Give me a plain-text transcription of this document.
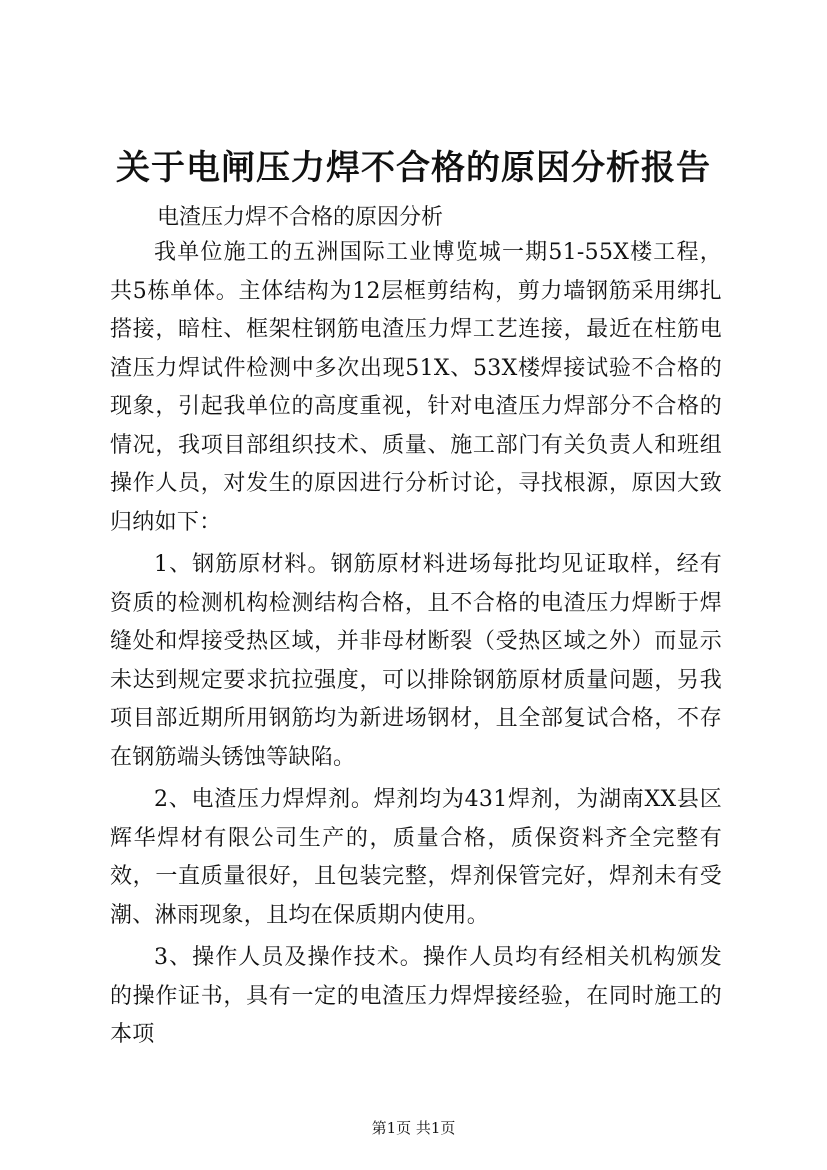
关于电闸压力焊不合格的原因分析报告

电渣压力焊不合格的原因分析

我单位施工的五洲国际工业博览城一期51-55X楼工程，共5栋单体。主体结构为12层框剪结构，剪力墙钢筋采用绑扎搭接，暗柱、框架柱钢筋电渣压力焊工艺连接，最近在柱筋电渣压力焊试件检测中多次出现51X、53X楼焊接试验不合格的现象，引起我单位的高度重视，针对电渣压力焊部分不合格的情况，我项目部组织技术、质量、施工部门有关负责人和班组操作人员，对发生的原因进行分析讨论，寻找根源，原因大致归纳如下：

1、钢筋原材料。钢筋原材料进场每批均见证取样，经有资质的检测机构检测结构合格，且不合格的电渣压力焊断于焊缝处和焊接受热区域，并非母材断裂（受热区域之外）而显示未达到规定要求抗拉强度，可以排除钢筋原材质量问题，另我项目部近期所用钢筋均为新进场钢材，且全部复试合格，不存在钢筋端头锈蚀等缺陷。

2、电渣压力焊焊剂。焊剂均为431焊剂，为湖南XX县区辉华焊材有限公司生产的，质量合格，质保资料齐全完整有效，一直质量很好，且包装完整，焊剂保管完好，焊剂未有受潮、淋雨现象，且均在保质期内使用。

3、操作人员及操作技术。操作人员均有经相关机构颁发的操作证书，具有一定的电渣压力焊焊接经验，在同时施工的本项

第1页 共1页
